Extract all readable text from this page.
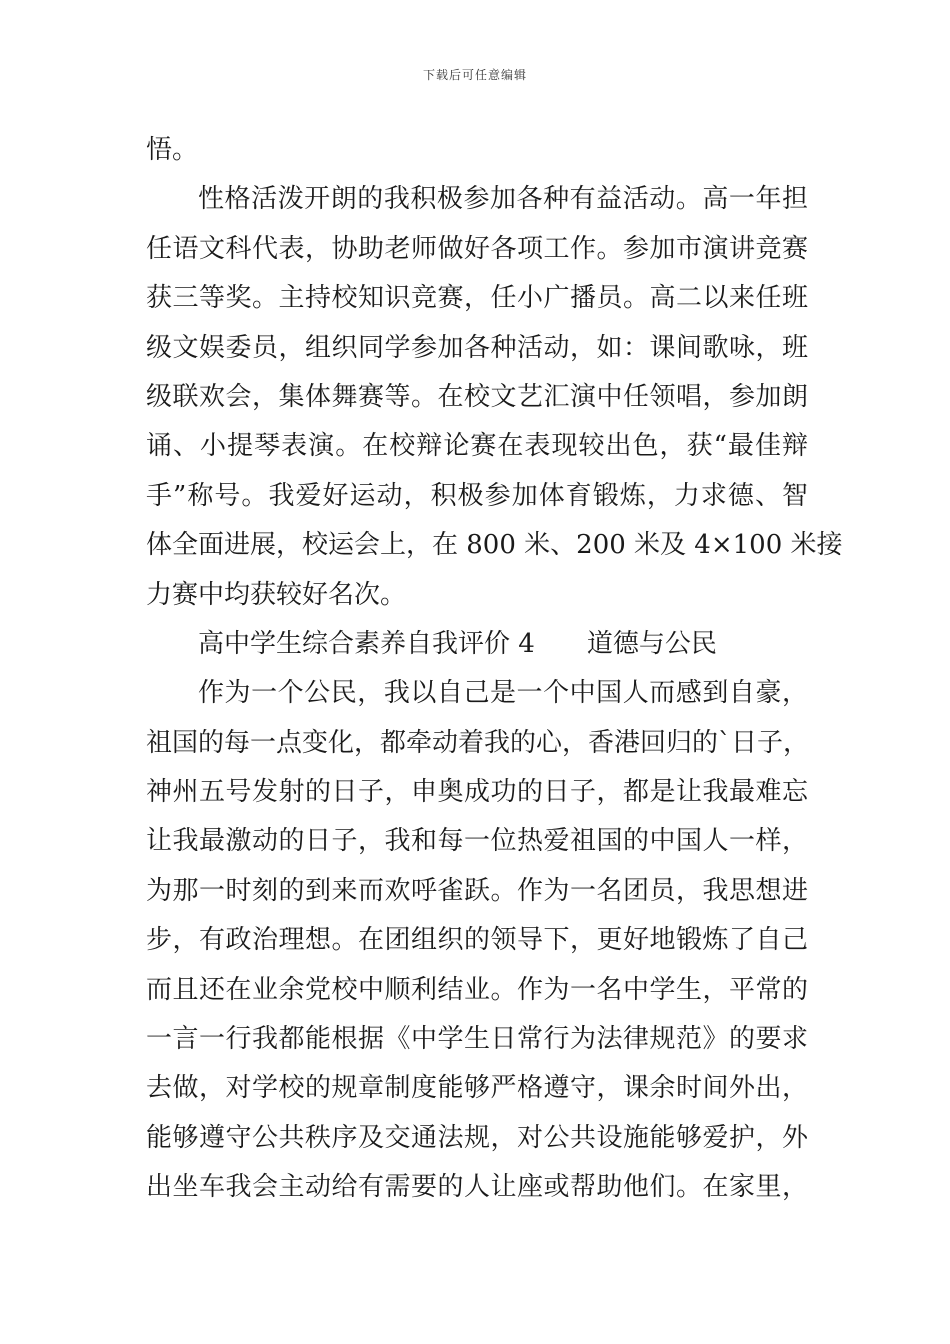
下载后可任意编辑
悟。
性格活泼开朗的我积极参加各种有益活动。高一年担
任语文科代表，协助老师做好各项工作。参加市演讲竞赛
获三等奖。主持校知识竞赛，任小广播员。高二以来任班
级文娱委员，组织同学参加各种活动，如：课间歌咏，班
级联欢会，集体舞赛等。在校文艺汇演中任领唱，参加朗
诵、小提琴表演。在校辩论赛在表现较出色，获“最佳辩
手”称号。我爱好运动，积极参加体育锻炼，力求德、智
体全面进展，校运会上，在 800 米、200 米及 4×100 米接
力赛中均获较好名次。
高中学生综合素养自我评价 4 道德与公民
作为一个公民，我以自己是一个中国人而感到自豪，
祖国的每一点变化，都牵动着我的心，香港回归的`日子，
神州五号发射的日子，申奥成功的日子，都是让我最难忘
让我最激动的日子，我和每一位热爱祖国的中国人一样，
为那一时刻的到来而欢呼雀跃。作为一名团员，我思想进
步，有政治理想。在团组织的领导下，更好地锻炼了自己
而且还在业余党校中顺利结业。作为一名中学生，平常的
一言一行我都能根据《中学生日常行为法律规范》的要求
去做，对学校的规章制度能够严格遵守，课余时间外出，
能够遵守公共秩序及交通法规，对公共设施能够爱护，外
出坐车我会主动给有需要的人让座或帮助他们。在家里，
